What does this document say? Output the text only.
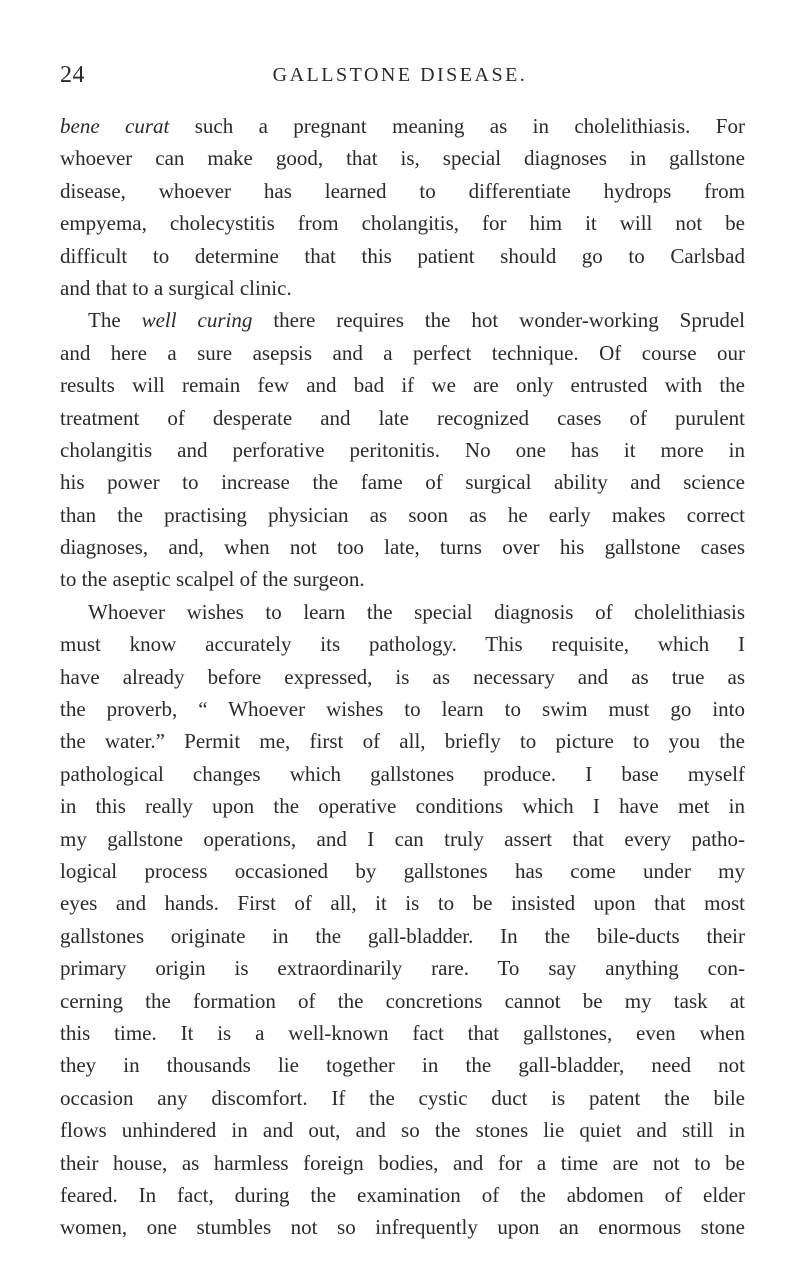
24	GALLSTONE DISEASE.
bene curat such a pregnant meaning as in cholelithiasis. For
whoever can make good, that is, special diagnoses in gallstone
disease, whoever has learned to differentiate hydrops from
empyema, cholecystitis from cholangitis, for him it will not be
difficult to determine that this patient should go to Carlsbad
and that to a surgical clinic.
The well curing there requires the hot wonder-working Sprudel
and here a sure asepsis and a perfect technique. Of course our
results will remain few and bad if we are only entrusted with the
treatment of desperate and late recognized cases of purulent
cholangitis and perforative peritonitis. No one has it more in
his power to increase the fame of surgical ability and science
than the practising physician as soon as he early makes correct
diagnoses, and, when not too late, turns over his gallstone cases
to the aseptic scalpel of the surgeon.
Whoever wishes to learn the special diagnosis of cholelithiasis
must know accurately its pathology. This requisite, which I
have already before expressed, is as necessary and as true as
the proverb, “ Whoever wishes to learn to swim must go into
the water.” Permit me, first of all, briefly to picture to you the
pathological changes which gallstones produce. I base myself
in this really upon the operative conditions which I have met in
my gallstone operations, and I can truly assert that every patho-
logical process occasioned by gallstones has come under my
eyes and hands. First of all, it is to be insisted upon that most
gallstones originate in the gall-bladder. In the bile-ducts their
primary origin is extraordinarily rare. To say anything con-
cerning the formation of the concretions cannot be my task at
this time. It is a well-known fact that gallstones, even when
they in thousands lie together in the gall-bladder, need not
occasion any discomfort. If the cystic duct is patent the bile
flows unhindered in and out, and so the stones lie quiet and still in
their house, as harmless foreign bodies, and for a time are not to be
feared. In fact, during the examination of the abdomen of elder
women, one stumbles not so infrequently upon an enormous stone
